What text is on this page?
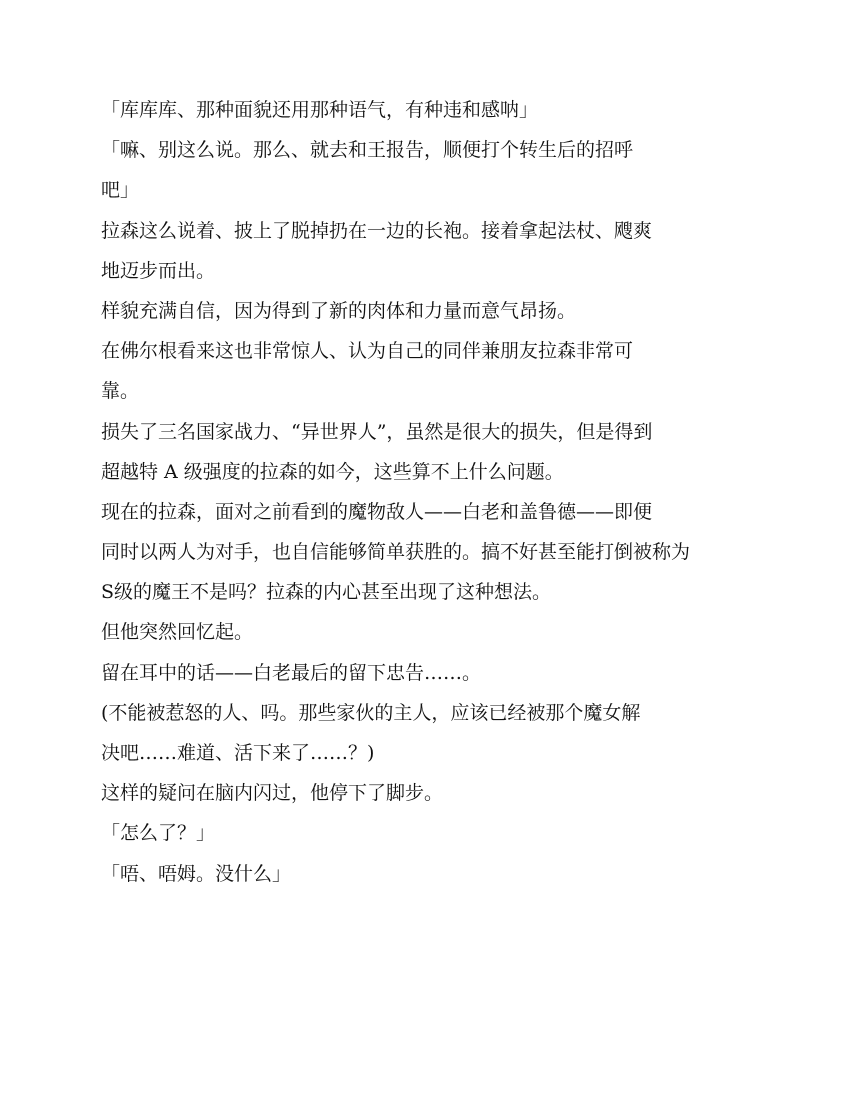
「库库库、那种面貌还用那种语气，有种违和感呐」
「嘛、别这么说。那么、就去和王报告，顺便打个转生后的招呼
吧」
拉森这么说着、披上了脱掉扔在一边的长袍。接着拿起法杖、飕爽
地迈步而出。
样貌充满自信，因为得到了新的肉体和力量而意气昂扬。
在佛尔根看来这也非常惊人、认为自己的同伴兼朋友拉森非常可
靠。
损失了三名国家战力、“异世界人”，虽然是很大的损失，但是得到
超越特 A 级强度的拉森的如今，这些算不上什么问题。
现在的拉森，面对之前看到的魔物敌人——白老和盖鲁德——即便
同时以两人为对手，也自信能够简单获胜的。搞不好甚至能打倒被称为
S级的魔王不是吗？拉森的内心甚至出现了这种想法。
但他突然回忆起。
留在耳中的话——白老最后的留下忠告……。
(不能被惹怒的人、吗。那些家伙的主人，应该已经被那个魔女解
决吧……难道、活下来了……？)
这样的疑问在脑内闪过，他停下了脚步。
「怎么了？」
「唔、唔姆。没什么」
